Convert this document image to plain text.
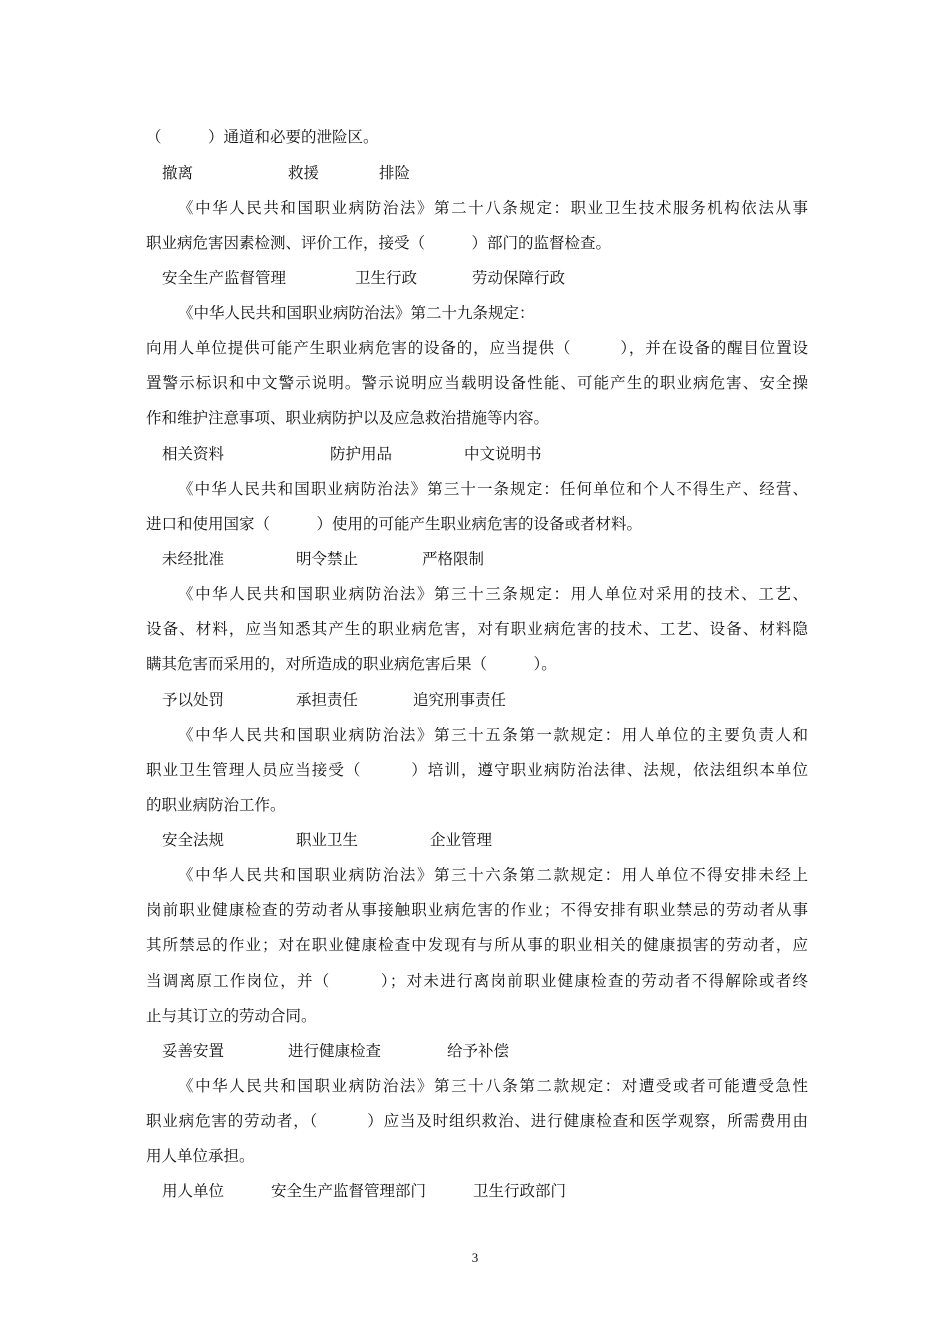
（　　　）通道和必要的泄险区。
撤离	救援	排险
《中华人民共和国职业病防治法》第二十八条规定：职业卫生技术服务机构依法从事
职业病危害因素检测、评价工作，接受（　　　）部门的监督检查。
安全生产监督管理	卫生行政	劳动保障行政
《中华人民共和国职业病防治法》第二十九条规定：
向用人单位提供可能产生职业病危害的设备的，应当提供（　　　），并在设备的醒目位置设
置警示标识和中文警示说明。警示说明应当载明设备性能、可能产生的职业病危害、安全操
作和维护注意事项、职业病防护以及应急救治措施等内容。
相关资料	防护用品	中文说明书
《中华人民共和国职业病防治法》第三十一条规定：任何单位和个人不得生产、经营、
进口和使用国家（　　　）使用的可能产生职业病危害的设备或者材料。
未经批准	明令禁止	严格限制
《中华人民共和国职业病防治法》第三十三条规定：用人单位对采用的技术、工艺、
设备、材料，应当知悉其产生的职业病危害，对有职业病危害的技术、工艺、设备、材料隐
瞒其危害而采用的，对所造成的职业病危害后果（　　　）。
予以处罚	承担责任	追究刑事责任
《中华人民共和国职业病防治法》第三十五条第一款规定：用人单位的主要负责人和
职业卫生管理人员应当接受（　　　）培训，遵守职业病防治法律、法规，依法组织本单位
的职业病防治工作。
安全法规	职业卫生	企业管理
《中华人民共和国职业病防治法》第三十六条第二款规定：用人单位不得安排未经上
岗前职业健康检查的劳动者从事接触职业病危害的作业；不得安排有职业禁忌的劳动者从事
其所禁忌的作业；对在职业健康检查中发现有与所从事的职业相关的健康损害的劳动者，应
当调离原工作岗位，并（　　　）；对未进行离岗前职业健康检查的劳动者不得解除或者终
止与其订立的劳动合同。
妥善安置	进行健康检查	给予补偿
《中华人民共和国职业病防治法》第三十八条第二款规定：对遭受或者可能遭受急性
职业病危害的劳动者，（　　　）应当及时组织救治、进行健康检查和医学观察，所需费用由
用人单位承担。
用人单位	安全生产监督管理部门	卫生行政部门
3
